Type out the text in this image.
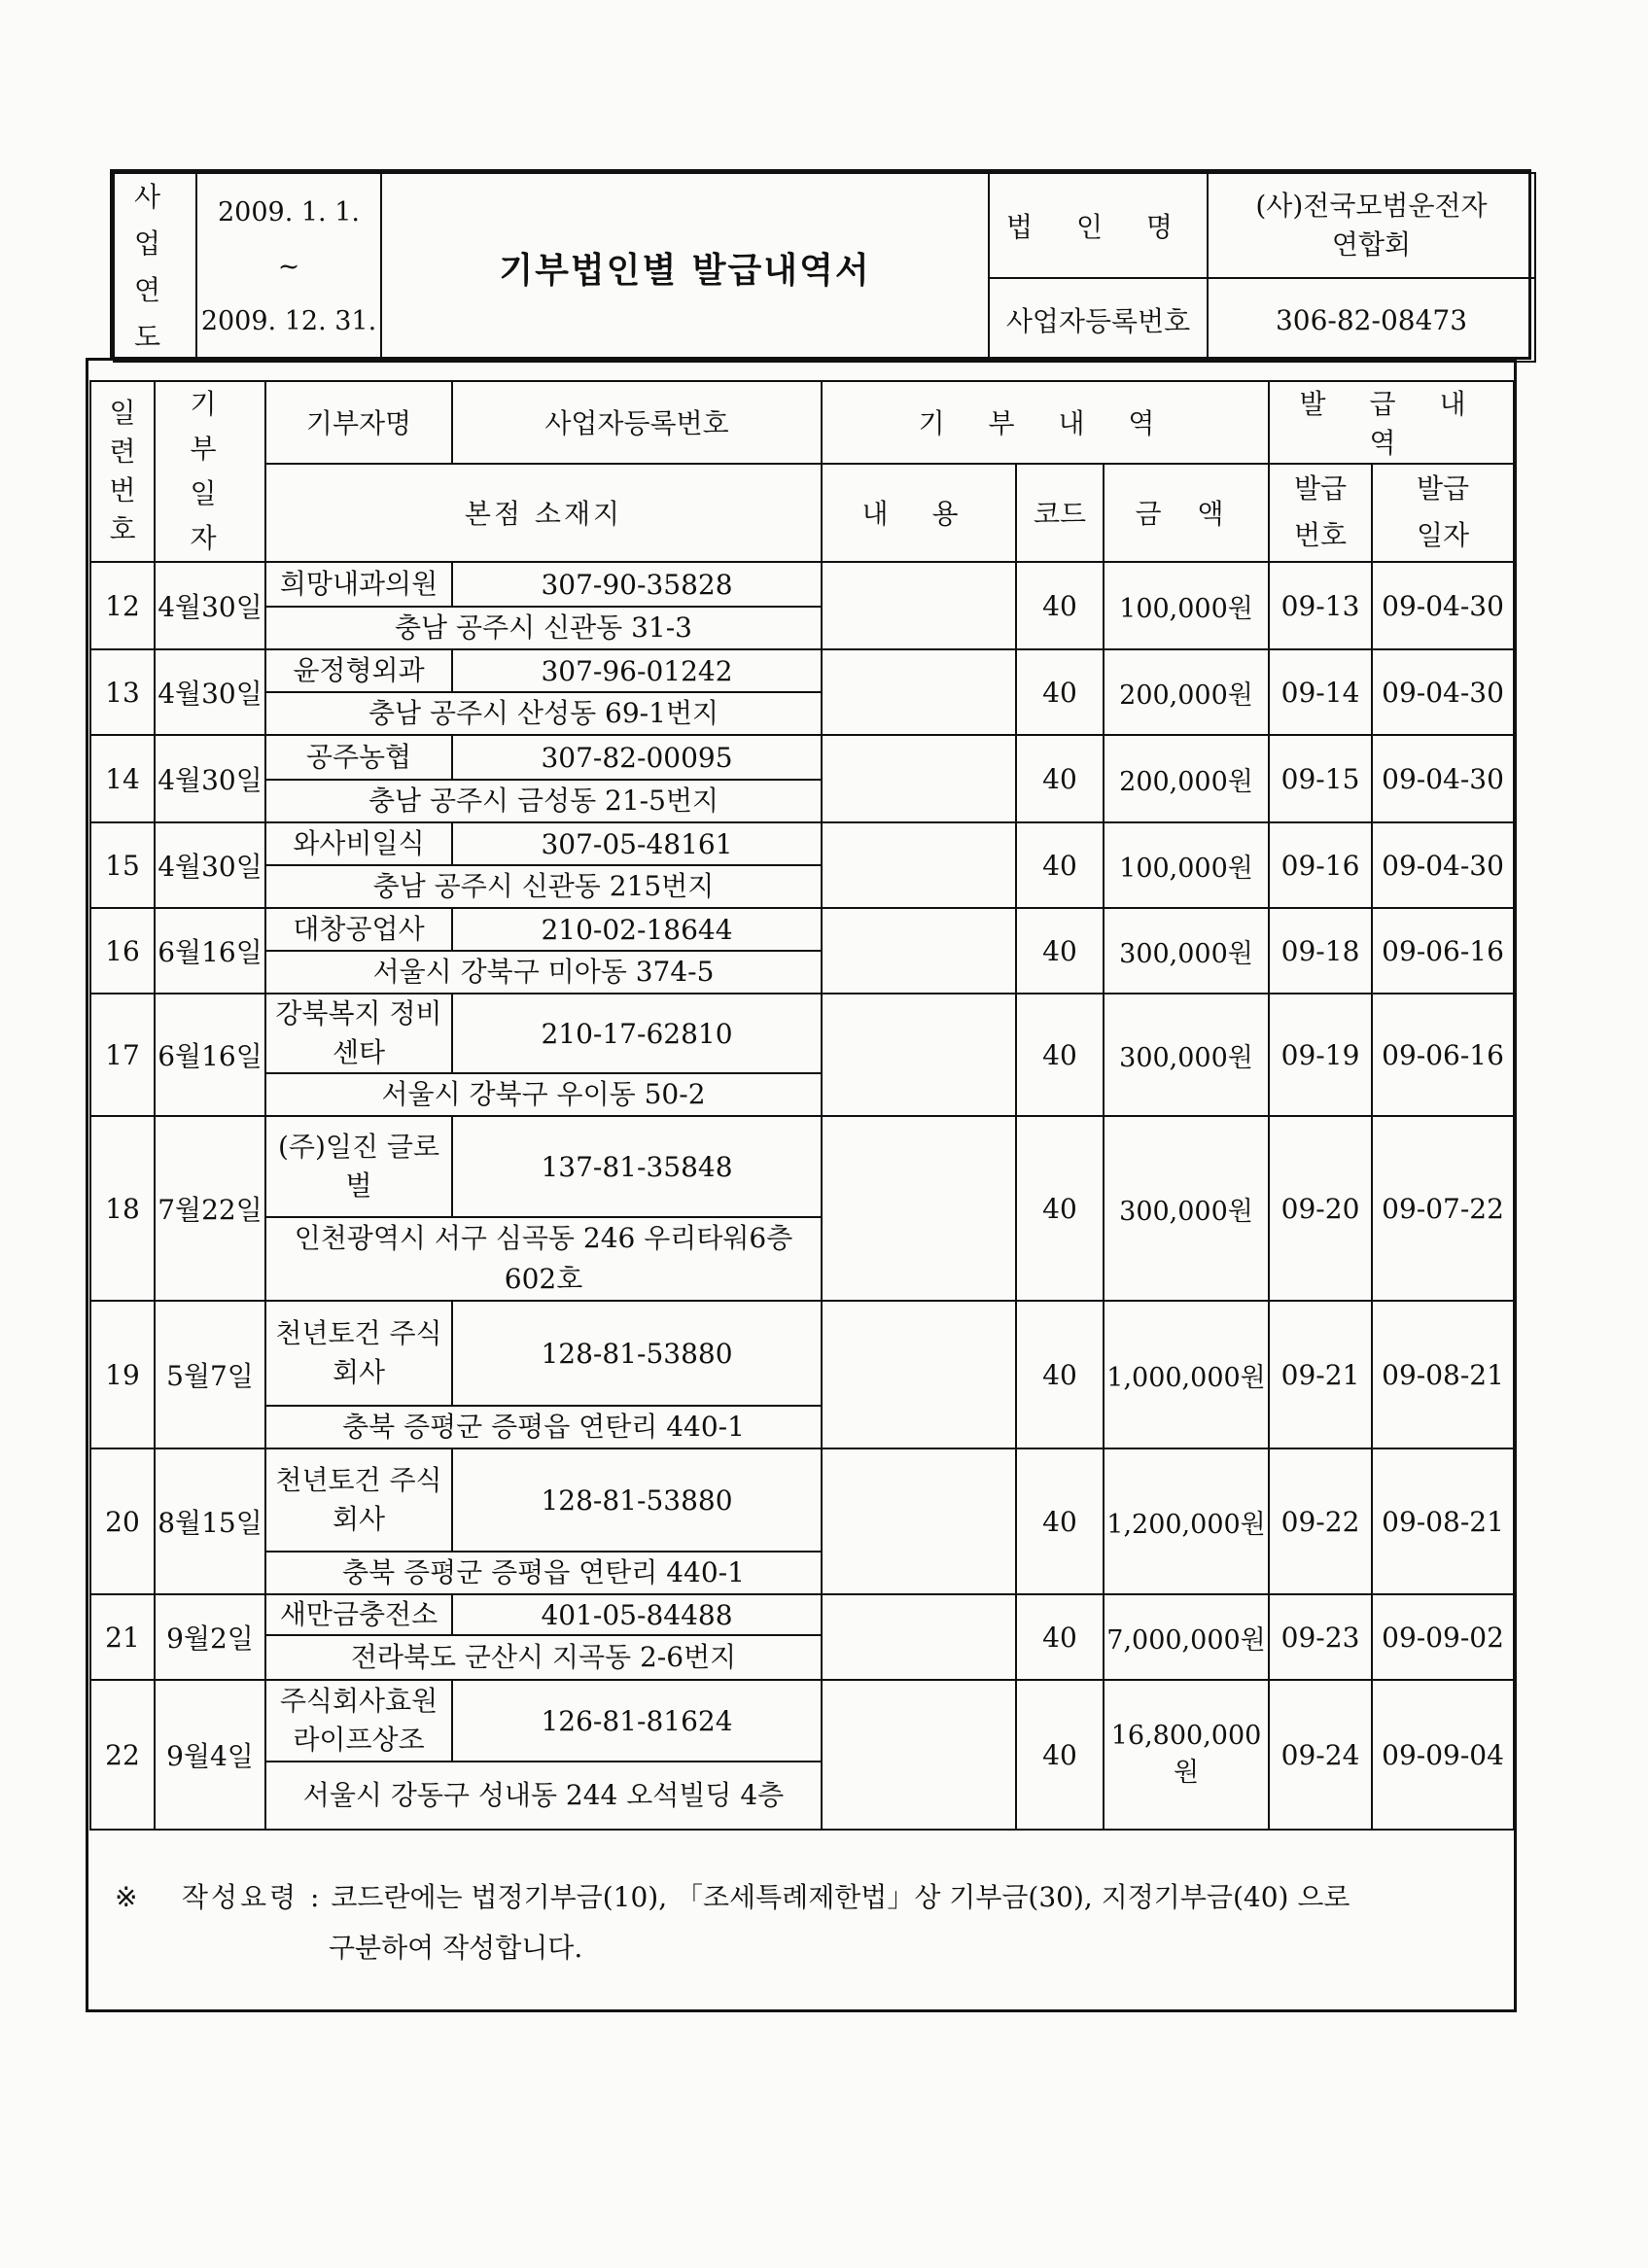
사 업 연 도	2009. 1. 1.
~
2009. 12. 31.	기부법인별 발급내역서	법 인 명	(사)전국모범운전자 연합회

			사업자등록번호	306-82-08473
일련 번호	기 부 일 자	기부자명	사업자등록번호	기 부 내 역			발 급 내 역	
		본점 소재지		내 용	코드	금 액	발급 번호	발급 일자

12	4월30일	희망내과의원	307-90-35828		40	100,000원	09-13	09-04-30

		충남 공주시 신관동 31-3						

13	4월30일	윤정형외과	307-96-01242		40	200,000원	09-14	09-04-30

		충남 공주시 산성동 69-1번지						

14	4월30일	공주농협	307-82-00095		40	200,000원	09-15	09-04-30

		충남 공주시 금성동 21-5번지						

15	4월30일	와사비일식	307-05-48161		40	100,000원	09-16	09-04-30

		충남 공주시 신관동 215번지						

16	6월16일	대창공업사	210-02-18644		40	300,000원	09-18	09-06-16

		서울시 강북구 미아동 374-5						

17	6월16일	강북복지 정비센타	210-17-62810		40	300,000원	09-19	09-06-16

		서울시 강북구 우이동 50-2						

18	7월22일	(주)일진 글로벌	137-81-35848		40	300,000원	09-20	09-07-22

		인천광역시 서구 심곡동 246 우리타워6층 602호						

19	5월7일	천년토건 주식회사	128-81-53880		40	1,000,000원	09-21	09-08-21

		충북 증평군 증평읍 연탄리 440-1						

20	8월15일	천년토건 주식회사	128-81-53880		40	1,200,000원	09-22	09-08-21

		충북 증평군 증평읍 연탄리 440-1						

21	9월2일	새만금충전소	401-05-84488		40	7,000,000원	09-23	09-09-02

		전라북도 군산시 지곡동 2-6번지						

22	9월4일	주식회사효원 라이프상조	126-81-81624		40	16,800,000원	09-24	09-09-04

		서울시 강동구 성내동 244 오석빌딩 4층						

※ 작성요령 : 코드란에는 법정기부금(10), 「조세특례제한법」상 기부금(30), 지정기부금(40) 으로
구분하여 작성합니다.
